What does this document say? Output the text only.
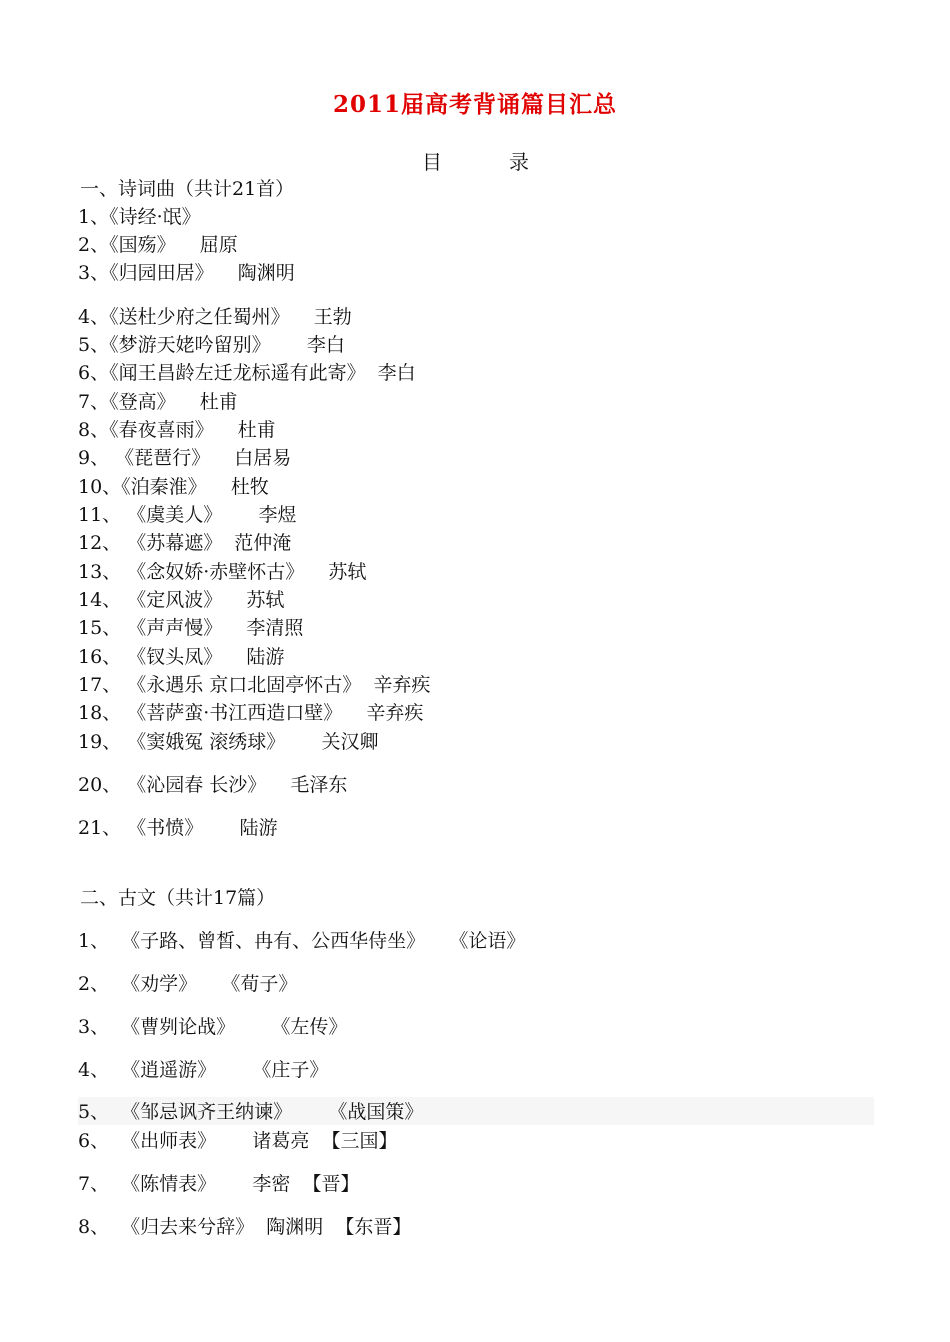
2011届高考背诵篇目汇总
目	录
一、诗词曲（共计21首）
1、《诗经·氓》
2、《国殇》    屈原
3、《归园田居》    陶渊明
4、《送杜少府之任蜀州》    王勃
5、《梦游天姥吟留别》      李白
6、《闻王昌龄左迁龙标遥有此寄》  李白
7、《登高》    杜甫
8、《春夜喜雨》    杜甫
9、 《琵琶行》    白居易
10、《泊秦淮》    杜牧
11、 《虞美人》      李煜
12、 《苏幕遮》  范仲淹
13、 《念奴娇·赤壁怀古》    苏轼
14、 《定风波》    苏轼
15、 《声声慢》    李清照
16、 《钗头凤》    陆游
17、 《永遇乐 京口北固亭怀古》  辛弃疾
18、 《菩萨蛮·书江西造口壁》    辛弃疾
19、 《窦娥冤 滚绣球》      关汉卿
20、 《沁园春 长沙》    毛泽东
21、 《书愤》      陆游
二、古文（共计17篇）
1、  《子路、曾皙、冉有、公西华侍坐》    《论语》
2、  《劝学》    《荀子》
3、  《曹刿论战》      《左传》
4、  《逍遥游》      《庄子》
5、  《邹忌讽齐王纳谏》      《战国策》
6、  《出师表》      诸葛亮  【三国】
7、  《陈情表》      李密  【晋】
8、  《归去来兮辞》  陶渊明  【东晋】
